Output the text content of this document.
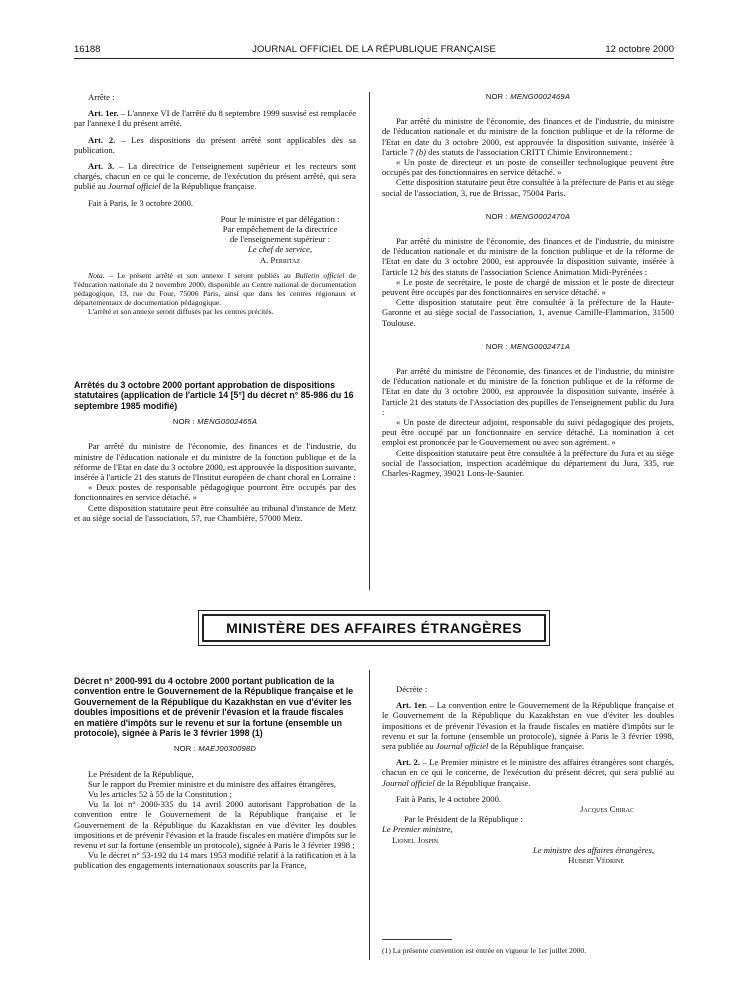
16188	JOURNAL OFFICIEL DE LA RÉPUBLIQUE FRANÇAISE	12 octobre 2000

Arrête :

Art. 1er. – L'annexe VI de l'arrêté du 8 septembre 1999 susvisé est remplacée par l'annexe I du présent arrêté.

Art. 2. – Les dispositions du présent arrêté sont applicables dès sa publication.

Art. 3. – La directrice de l'enseignement supérieur et les recteurs sont chargés, chacun en ce qui le concerne, de l'exécution du présent arrêté, qui sera publié au Journal officiel de la République française.

Fait à Paris, le 3 octobre 2000.

Pour le ministre et par délégation :

Par empêchement de la directrice

de l'enseignement supérieur :

Le chef de service,

A. Perritaz

Nota. – Le présent arrêté et son annexe I seront publiés au Bulletin officiel de l'éducation nationale du 2 novembre 2000, disponible au Centre national de documentation pédagogique, 13, rue du Four, 75006 Paris, ainsi que dans les centres régionaux et départementaux de documentation pédagogique.

L'arrêté et son annexe seront diffusés par les centres précités.

Arrêtés du 3 octobre 2000 portant approbation de dispositions statutaires (application de l'article 14 [5°] du décret n° 85-986 du 16 septembre 1985 modifié)

NOR : MENG0002465A

Par arrêté du ministre de l'économie, des finances et de l'industrie, du ministre de l'éducation nationale et du ministre de la fonction publique et de la réforme de l'Etat en date du 3 octobre 2000, est approuvée la disposition suivante, insérée à l'article 21 des statuts de l'Institut européen de chant choral en Lorraine :

« Deux postes de responsable pédagogique pourront être occupés par des fonctionnaires en service détaché. »

Cette disposition statutaire peut être consultée au tribunal d'instance de Metz et au siège social de l'association, 57, rue Chambière, 57000 Metz.

NOR : MENG0002469A

Par arrêté du ministre de l'économie, des finances et de l'industrie, du ministre de l'éducation nationale et du ministre de la fonction publique et de la réforme de l'Etat en date du 3 octobre 2000, est approuvée la disposition suivante, insérée à l'article 7 (b) des statuts de l'association CRITT Chimie Environnement :

« Un poste de directeur et un poste de conseiller technologique peuvent être occupés par des fonctionnaires en service détaché. »

Cette disposition statutaire peut être consultée à la préfecture de Paris et au siège social de l'association, 3, rue de Brissac, 75004 Paris.

NOR : MENG0002470A

Par arrêté du ministre de l'économie, des finances et de l'industrie, du ministre de l'éducation nationale et du ministre de la fonction publique et de la réforme de l'Etat en date du 3 octobre 2000, est approuvée la disposition suivante, insérée à l'article 12 bis des statuts de l'association Science Animation Midi-Pyrénées :

« Le poste de secrétaire, le poste de chargé de mission et le poste de directeur peuvent être occupés par des fonctionnaires en service détaché. »

Cette disposition statutaire peut être consultée à la préfecture de la Haute-Garonne et au siège social de l'association, 1, avenue Camille-Flammarion, 31500 Toulouse.

NOR : MENG0002471A

Par arrêté du ministre de l'économie, des finances et de l'industrie, du ministre de l'éducation nationale et du ministre de la fonction publique et de la réforme de l'Etat en date du 3 octobre 2000, est approuvée la disposition suivante, insérée à l'article 21 des statuts de l'Association des pupilles de l'enseignement public du Jura :

« Un poste de directeur adjoint, responsable du suivi pédagogique des projets, peut être occupé par un fonctionnaire en service détaché. La nomination à cet emploi est prononcée par le Gouvernement ou avec son agrément. »

Cette disposition statutaire peut être consultée à la préfecture du Jura et au siège social de l'association, inspection académique du département du Jura, 335, rue Charles-Ragmey, 39021 Lons-le-Saunier.

MINISTÈRE DES AFFAIRES ÉTRANGÈRES

Décret n° 2000-991 du 4 octobre 2000 portant publication de la convention entre le Gouvernement de la République française et le Gouvernement de la République du Kazakhstan en vue d'éviter les doubles impositions et de prévenir l'évasion et la fraude fiscales en matière d'impôts sur le revenu et sur la fortune (ensemble un protocole), signée à Paris le 3 février 1998 (1)

NOR : MAEJ0030098D

Le Président de la République,

Sur le rapport du Premier ministre et du ministre des affaires étrangères,

Vu les articles 52 à 55 de la Constitution ;

Vu la loi n° 2000-335 du 14 avril 2000 autorisant l'approbation de la convention entre le Gouvernement de la République française et le Gouvernement de la République du Kazakhstan en vue d'éviter les doubles impositions et de prévenir l'évasion et la fraude fiscales en matière d'impôts sur le revenu et sur la fortune (ensemble un protocole), signée à Paris le 3 février 1998 ;

Vu le décret n° 53-192 du 14 mars 1953 modifié relatif à la ratification et à la publication des engagements internationaux souscrits par la France,

Décrète :

Art. 1er. – La convention entre le Gouvernement de la République française et le Gouvernement de la République du Kazakhstan en vue d'éviter les doubles impositions et de prévenir l'évasion et la fraude fiscales en matière d'impôts sur le revenu et sur la fortune (ensemble un protocole), signée à Paris le 3 février 1998, sera publiée au Journal officiel de la République française.

Art. 2. – Le Premier ministre et le ministre des affaires étrangères sont chargés, chacun en ce qui le concerne, de l'exécution du présent décret, qui sera publié au Journal officiel de la République française.

Fait à Paris, le 4 octobre 2000.

Jacques Chirac

Par le Président de la République :

Le Premier ministre,

Lionel Jospin

Le ministre des affaires étrangères,

Hubert Védrine

(1) La présente convention est entrée en vigueur le 1er juillet 2000.
